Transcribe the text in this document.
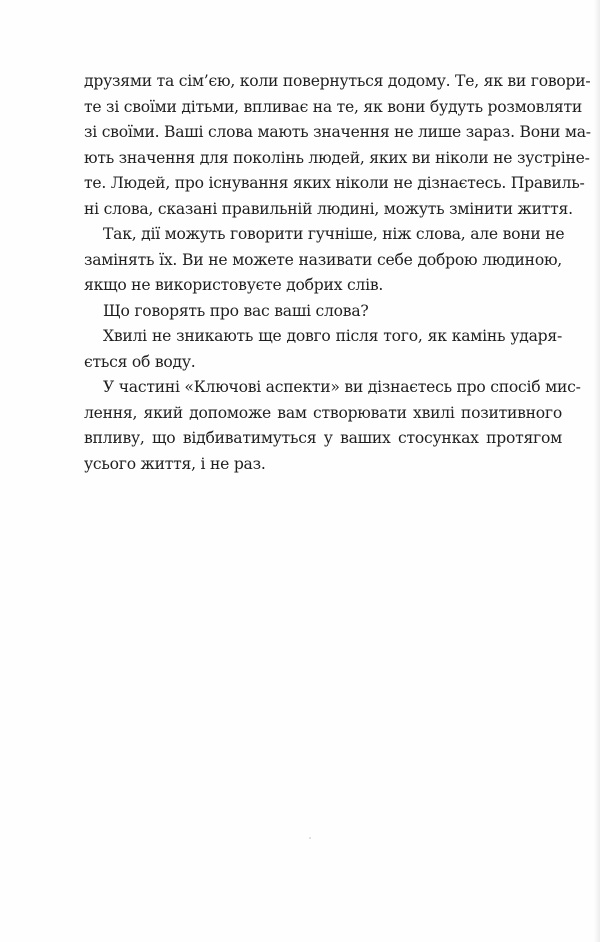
друзями та сім’єю, коли повернуться додому. Те, як ви говори-
те зі своїми дітьми, впливає на те, як вони будуть розмовляти
зі своїми. Ваші слова мають значення не лише зараз. Вони ма-
ють значення для поколінь людей, яких ви ніколи не зустріне-
те. Людей, про існування яких ніколи не дізнаєтесь. Правиль-
ні слова, сказані правильній людині, можуть змінити життя.
Так, дії можуть говорити гучніше, ніж слова, але вони не
замінять їх. Ви не можете називати себе доброю людиною,
якщо не використовуєте добрих слів.
Що говорять про вас ваші слова?
Хвилі не зникають ще довго після того, як камінь ударя-
ється об воду.
У частині «Ключові аспекти» ви дізнаєтесь про спосіб мис-
лення, який допоможе вам створювати хвилі позитивного
впливу, що відбиватимуться у ваших стосунках протягом
усього життя, і не раз.
